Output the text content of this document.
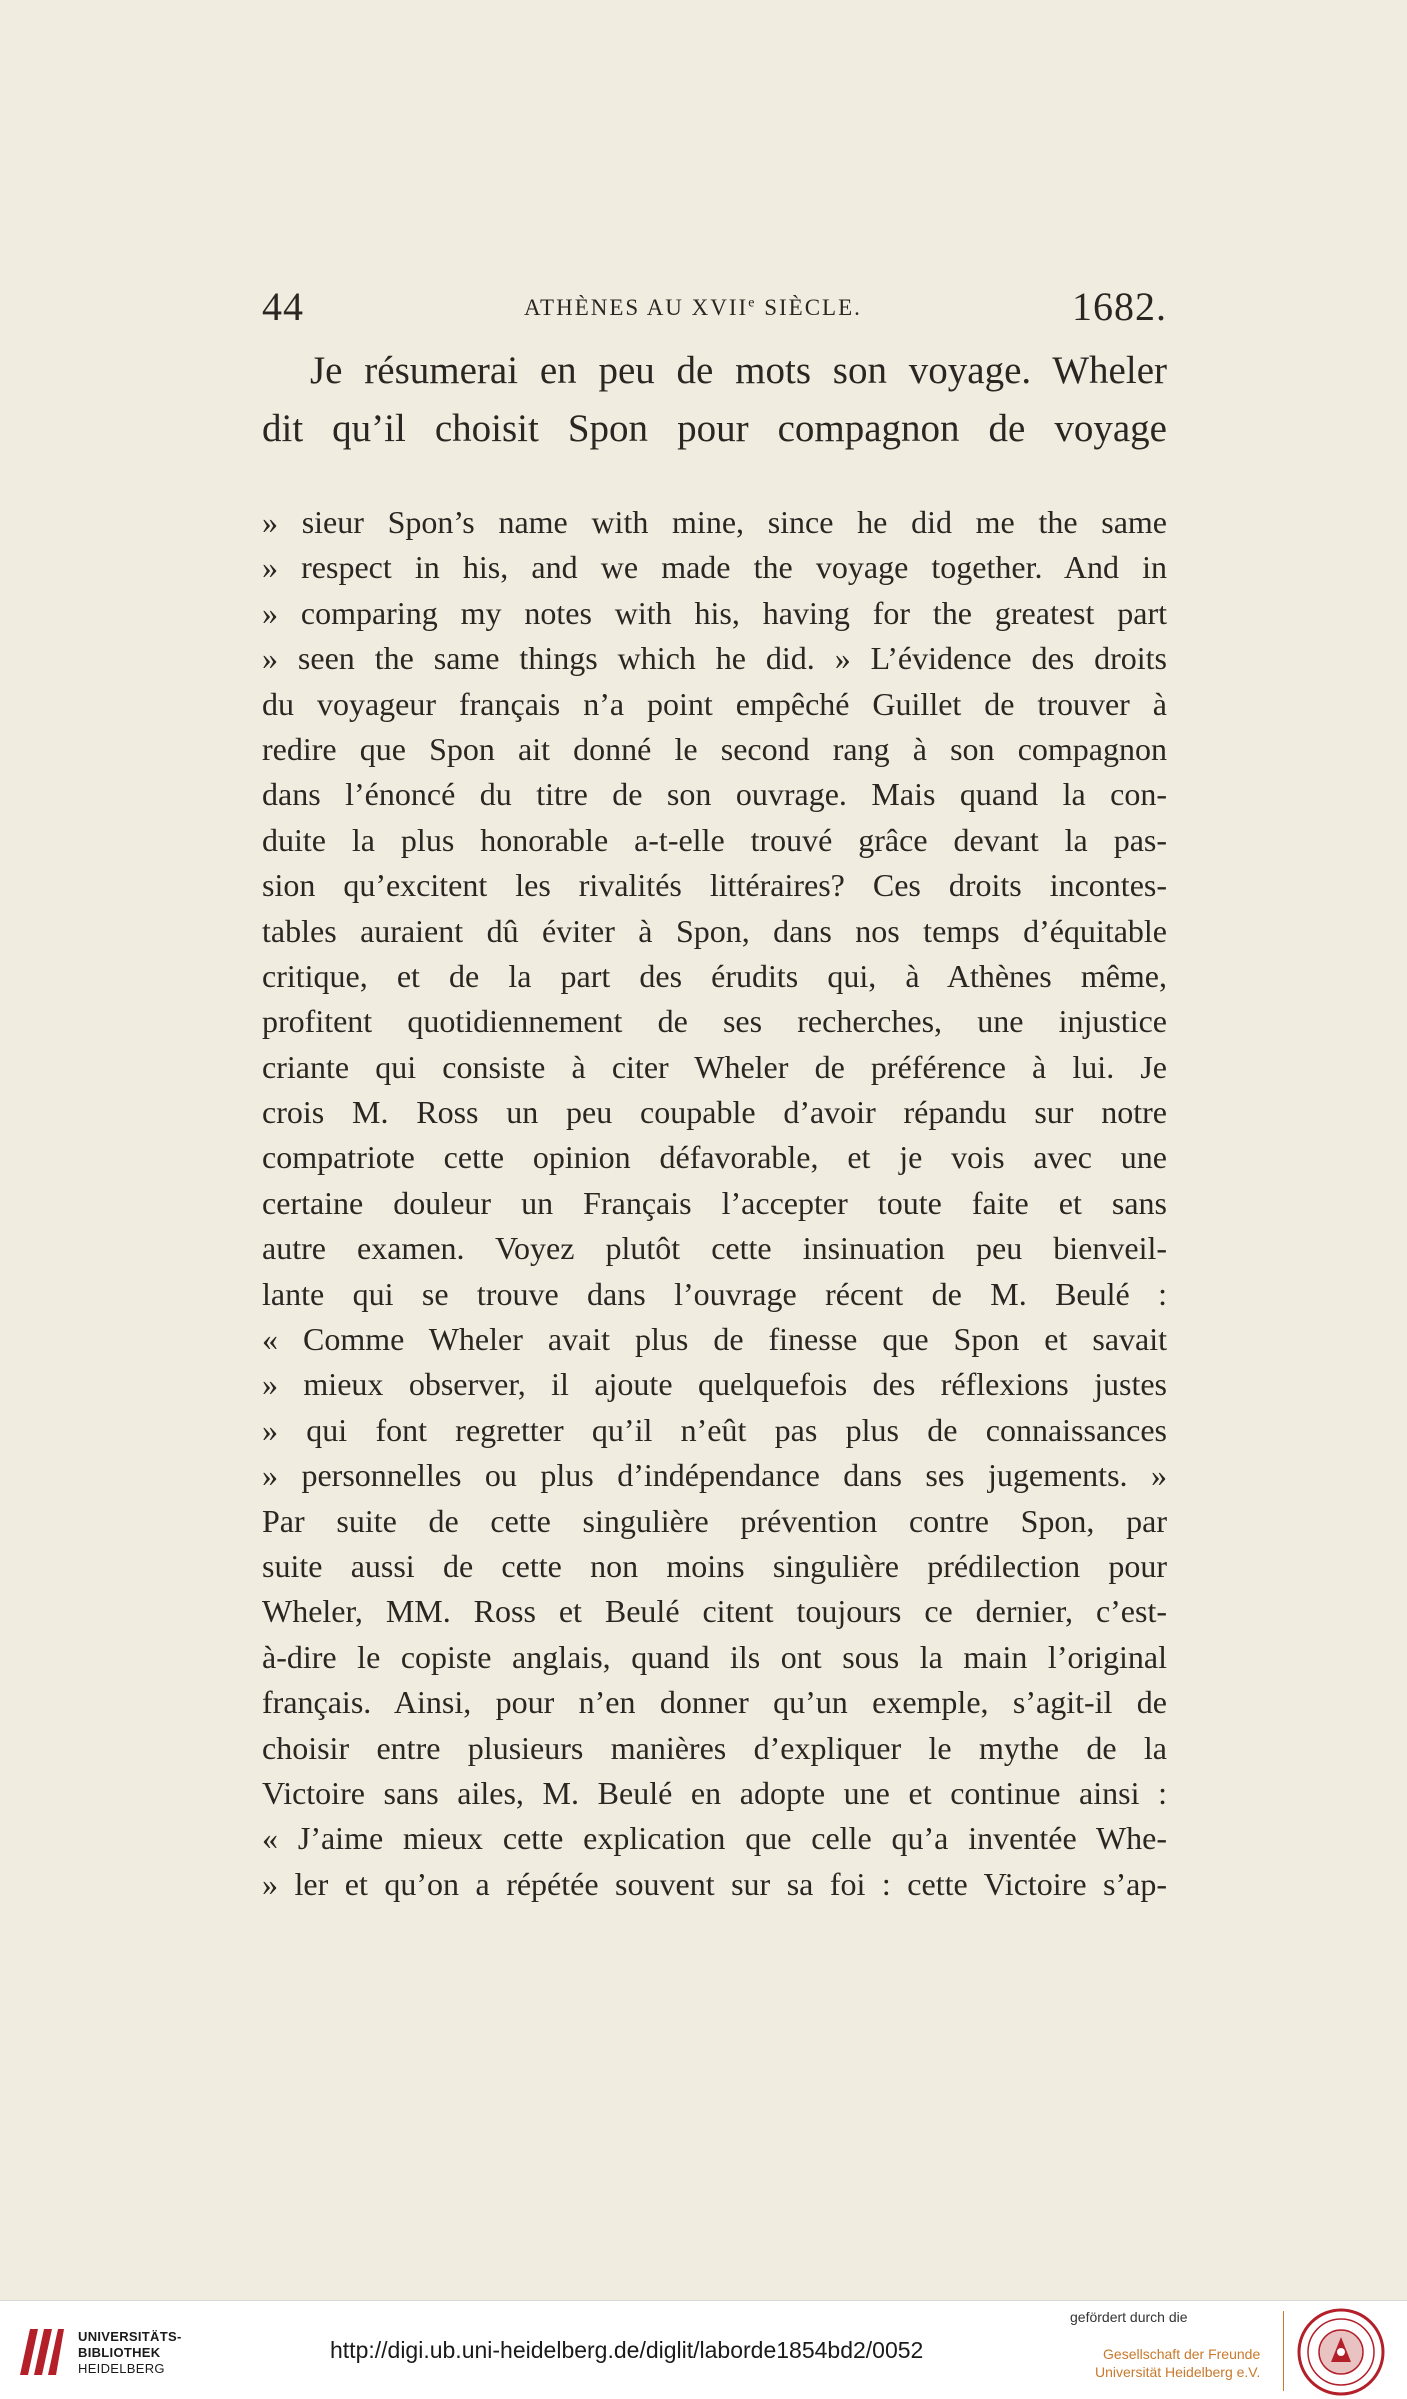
44	ATHÈNES AU XVIIe SIÈCLE.	1682.
Je résumerai en peu de mots son voyage. Wheler
dit qu’il choisit Spon pour compagnon de voyage
» sieur Spon’s name with mine, since he did me the same
» respect in his, and we made the voyage together. And in
» comparing my notes with his, having for the greatest part
» seen the same things which he did. » L’évidence des droits
du voyageur français n’a point empêché Guillet de trouver à
redire que Spon ait donné le second rang à son compagnon
dans l’énoncé du titre de son ouvrage. Mais quand la con-
duite la plus honorable a-t-elle trouvé grâce devant la pas-
sion qu’excitent les rivalités littéraires? Ces droits incontes-
tables auraient dû éviter à Spon, dans nos temps d’équitable
critique, et de la part des érudits qui, à Athènes même,
profitent quotidiennement de ses recherches, une injustice
criante qui consiste à citer Wheler de préférence à lui. Je
crois M. Ross un peu coupable d’avoir répandu sur notre
compatriote cette opinion défavorable, et je vois avec une
certaine douleur un Français l’accepter toute faite et sans
autre examen. Voyez plutôt cette insinuation peu bienveil-
lante qui se trouve dans l’ouvrage récent de M. Beulé :
« Comme Wheler avait plus de finesse que Spon et savait
» mieux observer, il ajoute quelquefois des réflexions justes
» qui font regretter qu’il n’eût pas plus de connaissances
» personnelles ou plus d’indépendance dans ses jugements. »
Par suite de cette singulière prévention contre Spon, par
suite aussi de cette non moins singulière prédilection pour
Wheler, MM. Ross et Beulé citent toujours ce dernier, c’est-
à-dire le copiste anglais, quand ils ont sous la main l’original
français. Ainsi, pour n’en donner qu’un exemple, s’agit-il de
choisir entre plusieurs manières d’expliquer le mythe de la
Victoire sans ailes, M. Beulé en adopte une et continue ainsi :
« J’aime mieux cette explication que celle qu’a inventée Whe-
» ler et qu’on a répétée souvent sur sa foi : cette Victoire s’ap-
UNIVERSITÄTS-
BIBLIOTHEK
HEIDELBERG
http://digi.ub.uni-heidelberg.de/diglit/laborde1854bd2/0052
gefördert durch die
Gesellschaft der Freunde
Universität Heidelberg e.V.
